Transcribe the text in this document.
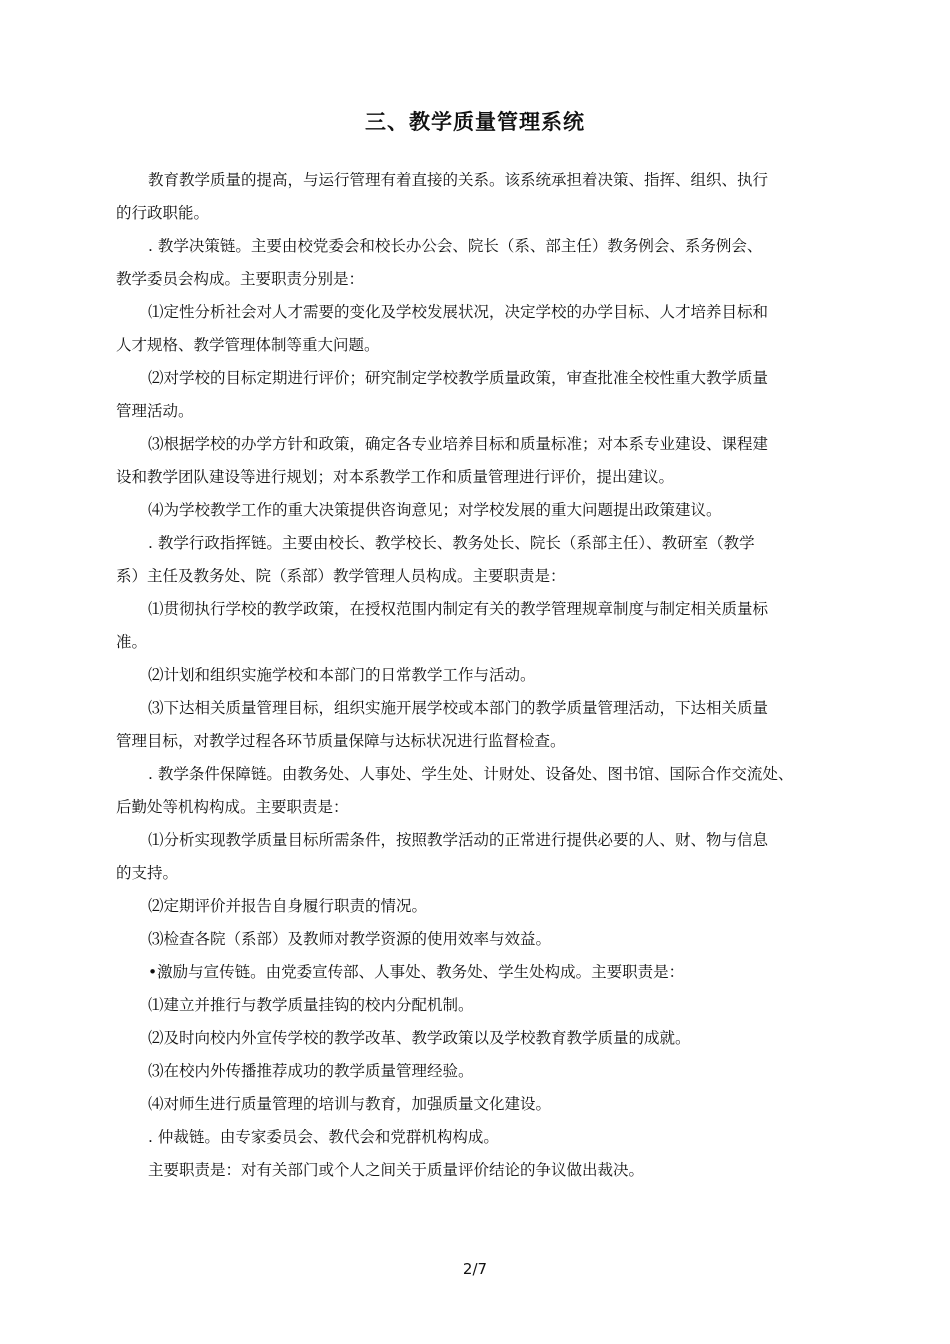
三、教学质量管理系统
教育教学质量的提高，与运行管理有着直接的关系。该系统承担着决策、指挥、组织、执行
的行政职能。
. 教学决策链。主要由校党委会和校长办公会、院长（系、部主任）教务例会、系务例会、
教学委员会构成。主要职责分别是：
⑴定性分析社会对人才需要的变化及学校发展状况，决定学校的办学目标、人才培养目标和
人才规格、教学管理体制等重大问题。
⑵对学校的目标定期进行评价；研究制定学校教学质量政策，审查批准全校性重大教学质量
管理活动。
⑶根据学校的办学方针和政策，确定各专业培养目标和质量标准；对本系专业建设、课程建
设和教学团队建设等进行规划；对本系教学工作和质量管理进行评价，提出建议。
⑷为学校教学工作的重大决策提供咨询意见；对学校发展的重大问题提出政策建议。
. 教学行政指挥链。主要由校长、教学校长、教务处长、院长（系部主任）、教研室（教学
系）主任及教务处、院（系部）教学管理人员构成。主要职责是：
⑴贯彻执行学校的教学政策，在授权范围内制定有关的教学管理规章制度与制定相关质量标
准。
⑵计划和组织实施学校和本部门的日常教学工作与活动。
⑶下达相关质量管理目标，组织实施开展学校或本部门的教学质量管理活动，下达相关质量
管理目标，对教学过程各环节质量保障与达标状况进行监督检查。
. 教学条件保障链。由教务处、人事处、学生处、计财处、设备处、图书馆、国际合作交流处、
后勤处等机构构成。主要职责是：
⑴分析实现教学质量目标所需条件，按照教学活动的正常进行提供必要的人、财、物与信息
的支持。
⑵定期评价并报告自身履行职责的情况。
⑶检查各院（系部）及教师对教学资源的使用效率与效益。
•激励与宣传链。由党委宣传部、人事处、教务处、学生处构成。主要职责是：
⑴建立并推行与教学质量挂钩的校内分配机制。
⑵及时向校内外宣传学校的教学改革、教学政策以及学校教育教学质量的成就。
⑶在校内外传播推荐成功的教学质量管理经验。
⑷对师生进行质量管理的培训与教育，加强质量文化建设。
. 仲裁链。由专家委员会、教代会和党群机构构成。
主要职责是：对有关部门或个人之间关于质量评价结论的争议做出裁决。
2/7
